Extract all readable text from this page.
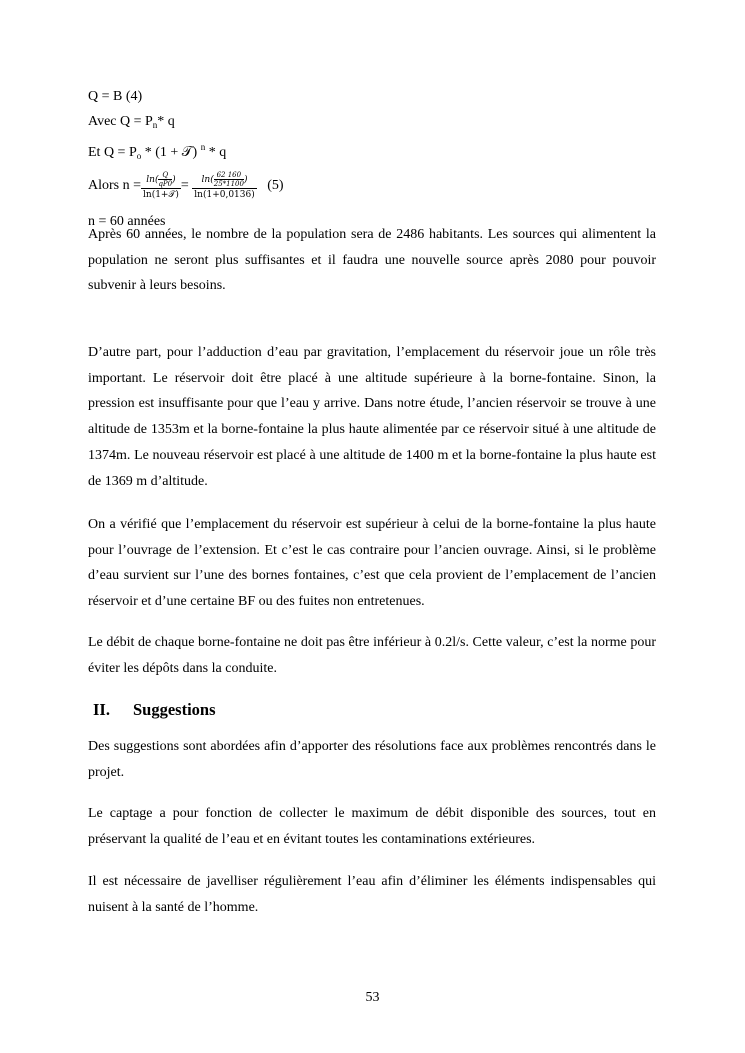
Q = B (4)
Avec $Q = P_n*$ q
Et $Q = P_o * (1$ + 𝒯) $^n$ * q
Alors $n = \frac{\ln( \frac{Q}{qP0})}{\text{ln(1+𝒯)}} = \frac{\ln( \frac{62 160}{25*1100})}{\ln(1+0,0136)} (5)$
n = 60 années

Après 60 années, le nombre de la population sera de 2486 habitants. Les sources qui alimentent la population ne seront plus suffisantes et il faudra une nouvelle source après 2080 pour pouvoir subvenir à leurs besoins.

D’autre part, pour l’adduction d’eau par gravitation, l’emplacement du réservoir joue un rôle très important. Le réservoir doit être placé à une altitude supérieure à la borne-fontaine. Sinon, la pression est insuffisante pour que l’eau y arrive. Dans notre étude, l’ancien réservoir se trouve à une altitude de 1353m et la borne-fontaine la plus haute alimentée par ce réservoir situé à une altitude de 1374m. Le nouveau réservoir est placé à une altitude de 1400 m et la borne-fontaine la plus haute est de 1369 m d’altitude.

On a vérifié que l’emplacement du réservoir est supérieur à celui de la borne-fontaine la plus haute pour l’ouvrage de l’extension. Et c’est le cas contraire pour l’ancien ouvrage. Ainsi, si le problème d’eau survient sur l’une des bornes fontaines, c’est que cela provient de l’emplacement de l’ancien réservoir et d’une certaine BF ou des fuites non entretenues.

Le débit de chaque borne-fontaine ne doit pas être inférieur à 0.2l/s. Cette valeur, c’est la norme pour éviter les dépôts dans la conduite.

II. Suggestions

Des suggestions sont abordées afin d’apporter des résolutions face aux problèmes rencontrés dans le projet.

Le captage a pour fonction de collecter le maximum de débit disponible des sources, tout en préservant la qualité de l’eau et en évitant toutes les contaminations extérieures.

Il est nécessaire de javelliser régulièrement l’eau afin d’éliminer les éléments indispensables qui nuisent à la santé de l’homme.

53
